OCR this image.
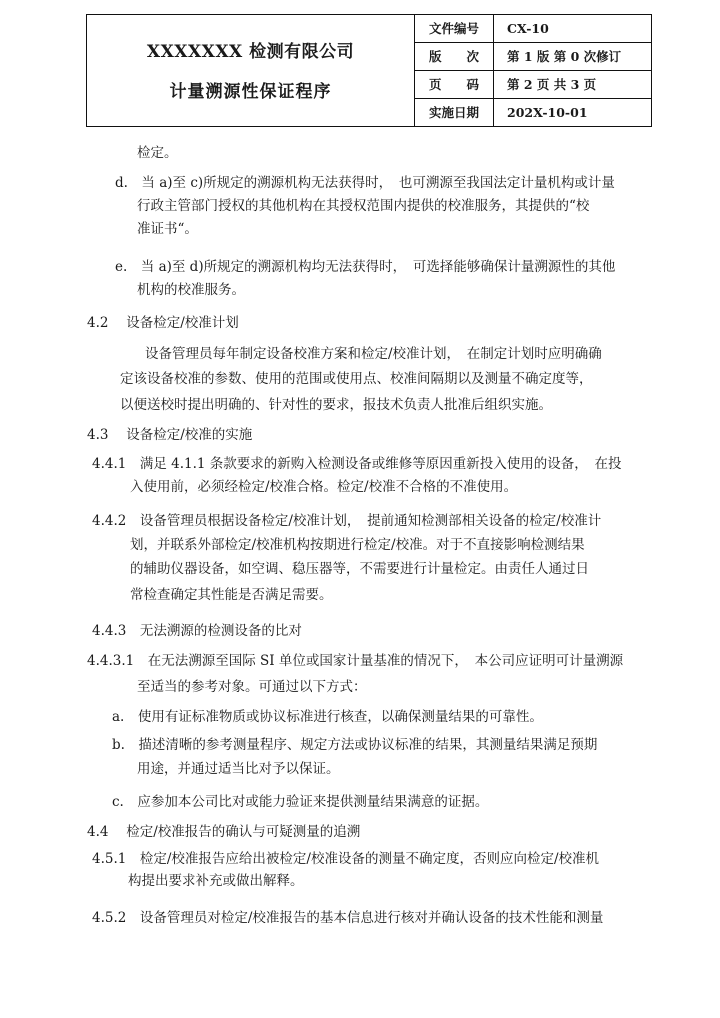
XXXXXXX 检测有限公司
计量溯源性保证程序
文件编号	CX-10
版　　次	第 1 版 第 0 次修订
页　　码	第 2 页 共 3 页
实施日期	202X-10-01
检定。
d.　当 a)至 c)所规定的溯源机构无法获得时，　也可溯源至我国法定计量机构或计量
行政主管部门授权的其他机构在其授权范围内提供的校准服务，其提供的“校
准证书“。
e.　当 a)至 d)所规定的溯源机构均无法获得时，　可选择能够确保计量溯源性的其他
机构的校准服务。
4.2　 设备检定/校准计划
设备管理员每年制定设备校准方案和检定/校准计划，　在制定计划时应明确确
定该设备校准的参数、使用的范围或使用点、校准间隔期以及测量不确定度等，
以便送校时提出明确的、针对性的要求，报技术负责人批准后组织实施。
4.3　 设备检定/校准的实施
4.4.1　满足 4.1.1 条款要求的新购入检测设备或维修等原因重新投入使用的设备，　在投
入使用前，必须经检定/校准合格。检定/校准不合格的不准使用。
4.4.2　设备管理员根据设备检定/校准计划，　提前通知检测部相关设备的检定/校准计
划，并联系外部检定/校准机构按期进行检定/校准。对于不直接影响检测结果
的辅助仪器设备，如空调、稳压器等，不需要进行计量检定。由责任人通过日
常检查确定其性能是否满足需要。
4.4.3　无法溯源的检测设备的比对
4.4.3.1　在无法溯源至国际 SI 单位或国家计量基准的情况下，　本公司应证明可计量溯源
至适当的参考对象。可通过以下方式：
a.　使用有证标准物质或协议标准进行核查，以确保测量结果的可靠性。
b.　描述清晰的参考测量程序、规定方法或协议标准的结果，其测量结果满足预期
用途，并通过适当比对予以保证。
c.　应参加本公司比对或能力验证来提供测量结果满意的证据。
4.4　 检定/校准报告的确认与可疑测量的追溯
4.5.1　检定/校准报告应给出被检定/校准设备的测量不确定度，否则应向检定/校准机
构提出要求补充或做出解释。
4.5.2　设备管理员对检定/校准报告的基本信息进行核对并确认设备的技术性能和测量
